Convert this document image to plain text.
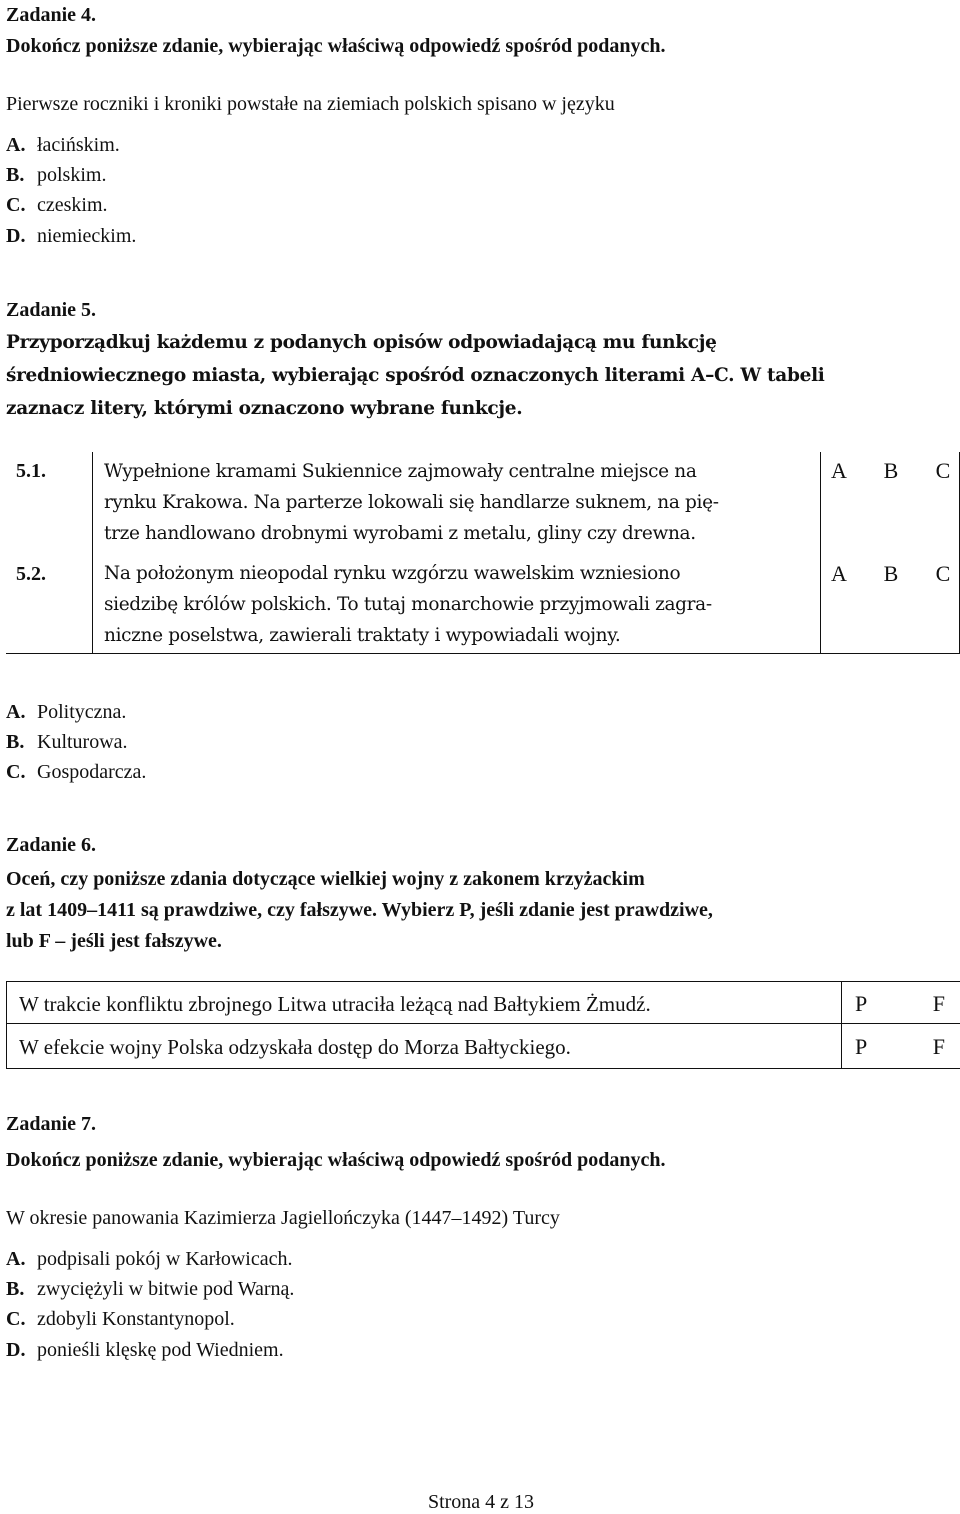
Zadanie 4.
Dokończ poniższe zdanie, wybierając właściwą odpowiedź spośród podanych.
Pierwsze roczniki i kroniki powstałe na ziemiach polskich spisano w języku
A. łacińskim.
B. polskim.
C. czeskim.
D. niemieckim.
Zadanie 5.
Przyporządkuj każdemu z podanych opisów odpowiadającą mu funkcję
średniowiecznego miasta, wybierając spośród oznaczonych literami A–C. W tabeli
zaznacz litery, którymi oznaczono wybrane funkcje.
5.1.	Wypełnione kramami Sukiennice zajmowały centralne miejsce na
rynku Krakowa. Na parterze lokowali się handlarze suknem, na pię-
trze handlowano drobnymi wyrobami z metalu, gliny czy drewna.
A B C
5.2.	Na położonym nieopodal rynku wzgórzu wawelskim wzniesiono
siedzibę królów polskich. To tutaj monarchowie przyjmowali zagra-
niczne poselstwa, zawierali traktaty i wypowiadali wojny.
A B C
A. Polityczna.
B. Kulturowa.
C. Gospodarcza.
Zadanie 6.
Oceń, czy poniższe zdania dotyczące wielkiej wojny z zakonem krzyżackim
z lat 1409–1411 są prawdziwe, czy fałszywe. Wybierz P, jeśli zdanie jest prawdziwe,
lub F – jeśli jest fałszywe.
W trakcie konfliktu zbrojnego Litwa utraciła leżącą nad Bałtykiem Żmudź.	P	F
W efekcie wojny Polska odzyskała dostęp do Morza Bałtyckiego.	P	F
Zadanie 7.
Dokończ poniższe zdanie, wybierając właściwą odpowiedź spośród podanych.
W okresie panowania Kazimierza Jagiellończyka (1447–1492) Turcy
A. podpisali pokój w Karłowicach.
B. zwyciężyli w bitwie pod Warną.
C. zdobyli Konstantynopol.
D. ponieśli klęskę pod Wiedniem.
Strona 4 z 13
